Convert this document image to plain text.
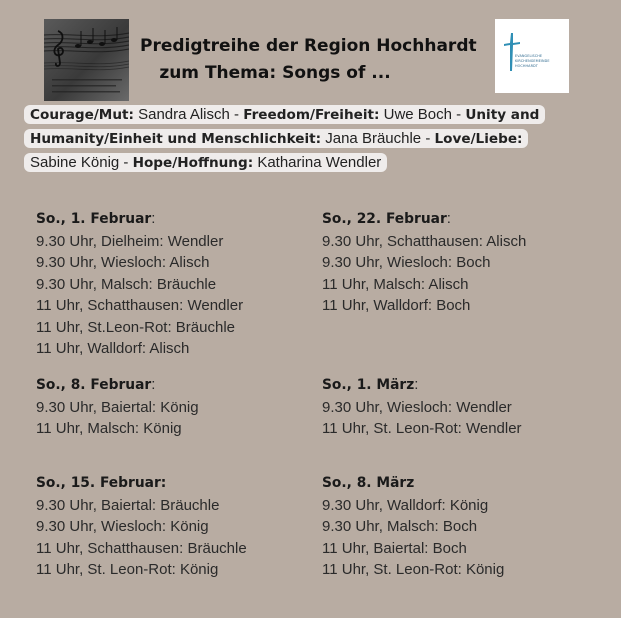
Predigtreihe der Region Hochhardt
zum Thema: Songs of ...
EVANGELISCHE
KIRCHENGEMEINDE
HOCHHARDT
Courage/Mut: Sandra Alisch - Freedom/Freiheit: Uwe Boch - Unity and
Humanity/Einheit und Menschlichkeit: Jana Bräuchle - Love/Liebe:
Sabine König - Hope/Hoffnung: Katharina Wendler
So., 1. Februar:
9.30 Uhr, Dielheim: Wendler
9.30 Uhr, Wiesloch: Alisch
9.30 Uhr, Malsch: Bräuchle
11 Uhr, Schatthausen: Wendler
11 Uhr, St.Leon-Rot: Bräuchle
11 Uhr, Walldorf: Alisch
So., 22. Februar:
9.30 Uhr, Schatthausen: Alisch
9.30 Uhr, Wiesloch: Boch
11 Uhr, Malsch: Alisch
11 Uhr, Walldorf: Boch
So., 8. Februar:
9.30 Uhr, Baiertal: König
11 Uhr, Malsch: König
So., 1. März:
9.30 Uhr, Wiesloch: Wendler
11 Uhr, St. Leon-Rot: Wendler
So., 15. Februar:
9.30 Uhr, Baiertal: Bräuchle
9.30 Uhr, Wiesloch: König
11 Uhr, Schatthausen: Bräuchle
11 Uhr, St. Leon-Rot: König
So., 8. März
9.30 Uhr, Walldorf: König
9.30 Uhr, Malsch: Boch
11 Uhr, Baiertal: Boch
11 Uhr, St. Leon-Rot: König
